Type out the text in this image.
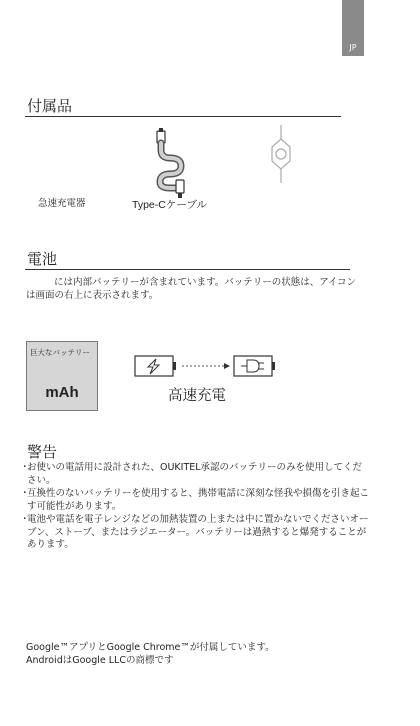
JP
付属品
急速充電器	Type-Cケーブル
電池
には内部バッテリーが含まれています。バッテリーの状態は、アイコンは画面の右上に表示されます。
巨大なバッテリー
mAh	高速充電
警告
・
お使いの電話用に設計された、OUKITEL承認のバッテリーのみを使用してください。
・
互換性のないバッテリーを使用すると、携帯電話に深刻な怪我や損傷を引き起こす可能性があります。
・
電池や電話を電子レンジなどの加熱装置の上または中に置かないでくださいオーブン、ストーブ、またはラジエーター。バッテリーは過熱すると爆発することがあります。
Google™アプリとGoogle Chrome™が付属しています。
AndroidはGoogle LLCの商標です
